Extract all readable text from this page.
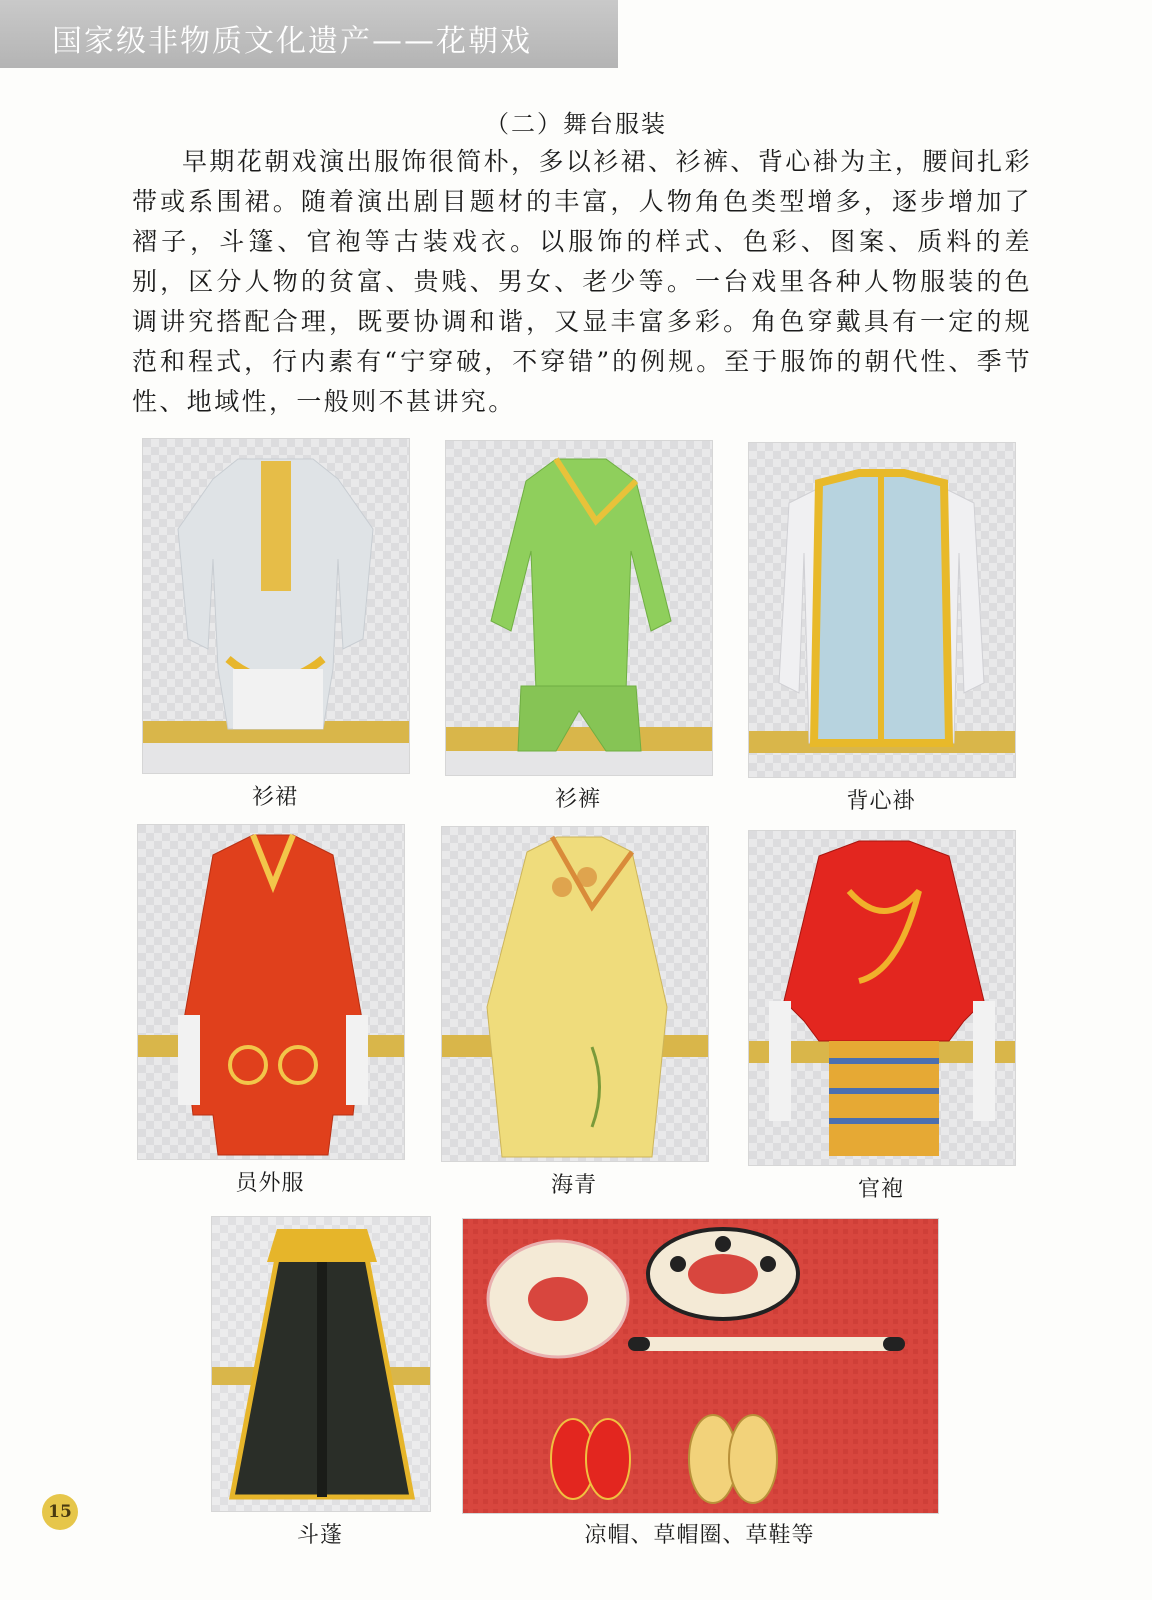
国家级非物质文化遗产——花朝戏
（二）舞台服装

早期花朝戏演出服饰很简朴，多以衫裙、衫裤、背心褂为主，腰间扎彩带或系围裙。随着演出剧目题材的丰富，人物角色类型增多，逐步增加了褶子，斗篷、官袍等古装戏衣。以服饰的样式、色彩、图案、质料的差别，区分人物的贫富、贵贱、男女、老少等。一台戏里各种人物服装的色调讲究搭配合理，既要协调和谐，又显丰富多彩。角色穿戴具有一定的规范和程式，行内素有“宁穿破，不穿错”的例规。至于服饰的朝代性、季节性、地域性，一般则不甚讲究。

衫裙	衫裤	背心褂
员外服	海青	官袍
斗蓬	凉帽、草帽圈、草鞋等
15
